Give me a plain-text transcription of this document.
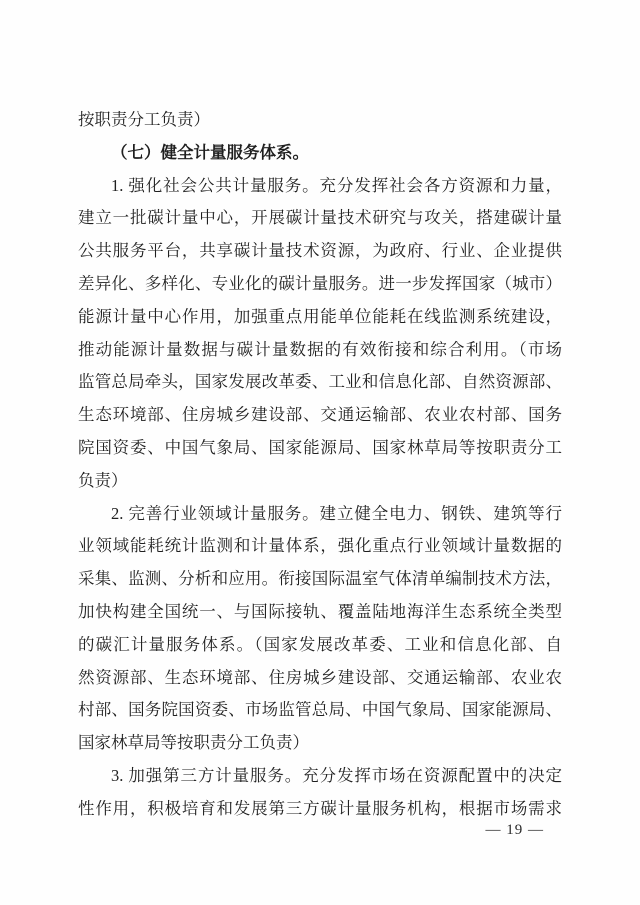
按职责分工负责）
（七）健全计量服务体系。
1. 强化社会公共计量服务。充分发挥社会各方资源和力量，
建立一批碳计量中心，开展碳计量技术研究与攻关，搭建碳计量
公共服务平台，共享碳计量技术资源，为政府、行业、企业提供
差异化、多样化、专业化的碳计量服务。进一步发挥国家（城市）
能源计量中心作用，加强重点用能单位能耗在线监测系统建设，
推动能源计量数据与碳计量数据的有效衔接和综合利用。（市场
监管总局牵头，国家发展改革委、工业和信息化部、自然资源部、
生态环境部、住房城乡建设部、交通运输部、农业农村部、国务
院国资委、中国气象局、国家能源局、国家林草局等按职责分工
负责）
2. 完善行业领域计量服务。建立健全电力、钢铁、建筑等行
业领域能耗统计监测和计量体系，强化重点行业领域计量数据的
采集、监测、分析和应用。衔接国际温室气体清单编制技术方法，
加快构建全国统一、与国际接轨、覆盖陆地海洋生态系统全类型
的碳汇计量服务体系。（国家发展改革委、工业和信息化部、自
然资源部、生态环境部、住房城乡建设部、交通运输部、农业农
村部、国务院国资委、市场监管总局、中国气象局、国家能源局、
国家林草局等按职责分工负责）
3. 加强第三方计量服务。充分发挥市场在资源配置中的决定
性作用，积极培育和发展第三方碳计量服务机构，根据市场需求
— 19 —
